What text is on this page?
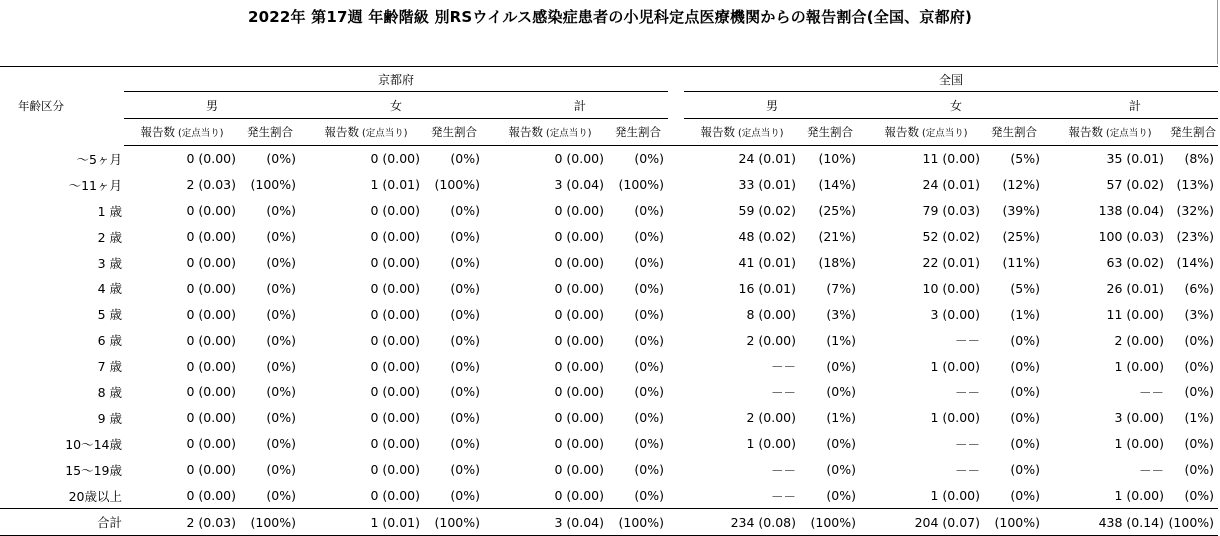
2022年 第17週 年齢階級 別RSウイルス感染症患者の小児科定点医療機関からの報告割合(全国、京都府)
年齢区分	京都府									全国							
	男			女			計			男			女			計	
	報告数 (定点当り)	発生割合		報告数 (定点当り)	発生割合		報告数 (定点当り)	発生割合		報告数 (定点当り)	発生割合		報告数 (定点当り)	発生割合		報告数 (定点当り)	発生割合
～5ヶ月	0 (0.00)	(0%)		0 (0.00)	(0%)		0 (0.00)	(0%)		24 (0.01)	(10%)		11 (0.00)	(5%)		35 (0.01)	(8%)
～11ヶ月	2 (0.03)	(100%)		1 (0.01)	(100%)		3 (0.04)	(100%)		33 (0.01)	(14%)		24 (0.01)	(12%)		57 (0.02)	(13%)
1 歳	0 (0.00)	(0%)		0 (0.00)	(0%)		0 (0.00)	(0%)		59 (0.02)	(25%)		79 (0.03)	(39%)		138 (0.04)	(32%)
2 歳	0 (0.00)	(0%)		0 (0.00)	(0%)		0 (0.00)	(0%)		48 (0.02)	(21%)		52 (0.02)	(25%)		100 (0.03)	(23%)
3 歳	0 (0.00)	(0%)		0 (0.00)	(0%)		0 (0.00)	(0%)		41 (0.01)	(18%)		22 (0.01)	(11%)		63 (0.02)	(14%)
4 歳	0 (0.00)	(0%)		0 (0.00)	(0%)		0 (0.00)	(0%)		16 (0.01)	(7%)		10 (0.00)	(5%)		26 (0.01)	(6%)
5 歳	0 (0.00)	(0%)		0 (0.00)	(0%)		0 (0.00)	(0%)		8 (0.00)	(3%)		3 (0.00)	(1%)		11 (0.00)	(3%)
6 歳	0 (0.00)	(0%)		0 (0.00)	(0%)		0 (0.00)	(0%)		2 (0.00)	(1%)		－－	(0%)		2 (0.00)	(0%)
7 歳	0 (0.00)	(0%)		0 (0.00)	(0%)		0 (0.00)	(0%)		－－	(0%)		1 (0.00)	(0%)		1 (0.00)	(0%)
8 歳	0 (0.00)	(0%)		0 (0.00)	(0%)		0 (0.00)	(0%)		－－	(0%)		－－	(0%)		－－	(0%)
9 歳	0 (0.00)	(0%)		0 (0.00)	(0%)		0 (0.00)	(0%)		2 (0.00)	(1%)		1 (0.00)	(0%)		3 (0.00)	(1%)
10～14歳	0 (0.00)	(0%)		0 (0.00)	(0%)		0 (0.00)	(0%)		1 (0.00)	(0%)		－－	(0%)		1 (0.00)	(0%)
15～19歳	0 (0.00)	(0%)		0 (0.00)	(0%)		0 (0.00)	(0%)		－－	(0%)		－－	(0%)		－－	(0%)
20歳以上	0 (0.00)	(0%)		0 (0.00)	(0%)		0 (0.00)	(0%)		－－	(0%)		1 (0.00)	(0%)		1 (0.00)	(0%)
合計	2 (0.03)	(100%)		1 (0.01)	(100%)		3 (0.04)	(100%)		234 (0.08)	(100%)		204 (0.07)	(100%)		438 (0.14)	(100%)
